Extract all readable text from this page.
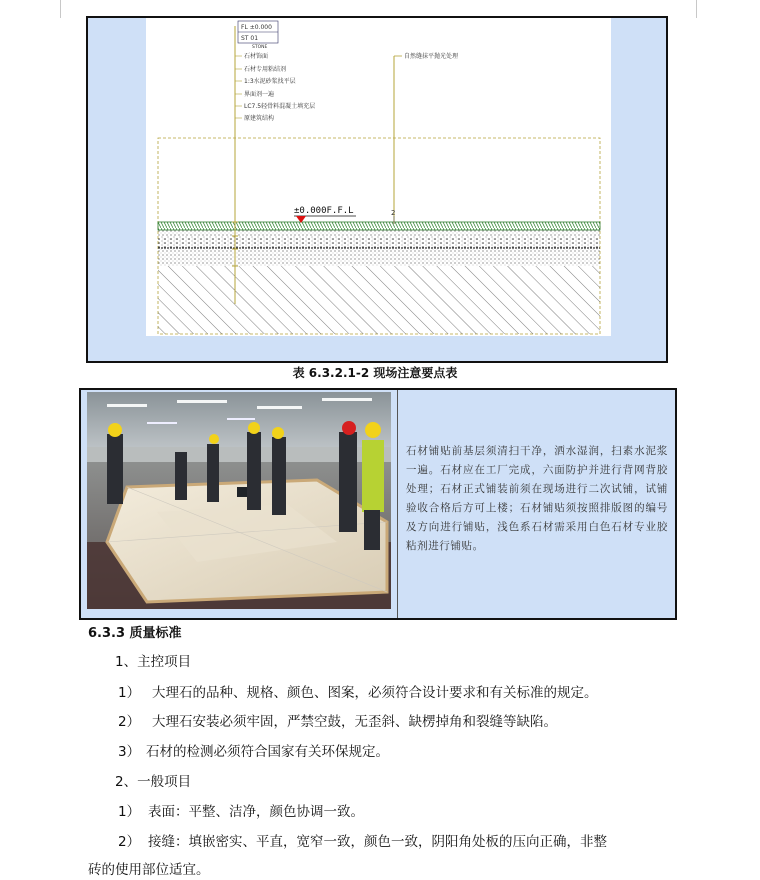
FL ±0.000
ST 01
STONE
石材饰面
石材专用粘结剂
1:3水泥砂浆找平层
界面剂一遍
LC7.5轻骨料混凝土填充层
原建筑结构
自然缝抹平抛光处理
2
±0.000F.F.L
表 6.3.2.1-2 现场注意要点表
石材铺贴前基层须清扫干净，洒水湿润，扫素水泥浆一遍。石材应在工厂完成，六面防护并进行背网背胶处理；石材正式铺装前须在现场进行二次试铺，试铺验收合格后方可上楼；石材铺贴须按照排版图的编号及方向进行铺贴，浅色系石材需采用白色石材专业胶粘剂进行铺贴。
6.3.3 质量标准
1、主控项目
1） 大理石的品种、规格、颜色、图案，必须符合设计要求和有关标准的规定。
2） 大理石安装必须牢固，严禁空鼓，无歪斜、缺楞掉角和裂缝等缺陷。
3） 石材的检测必须符合国家有关环保规定。
2、一般项目
1） 表面：平整、洁净，颜色协调一致。
2） 接缝：填嵌密实、平直，宽窄一致，颜色一致，阴阳角处板的压向正确，非整
砖的使用部位适宜。
